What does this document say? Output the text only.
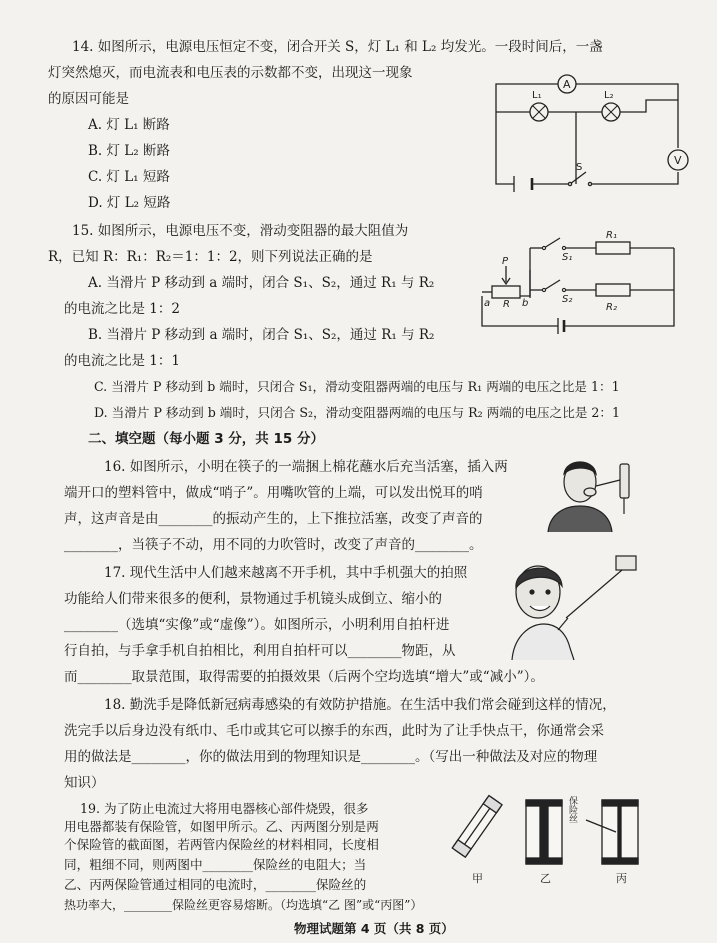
14. 如图所示，电源电压恒定不变，闭合开关 S，灯 L₁ 和 L₂ 均发光。一段时间后，一盏
灯突然熄灭，而电流表和电压表的示数都不变，出现这一现象
的原因可能是
A. 灯 L₁ 断路
B. 灯 L₂ 断路
C. 灯 L₁ 短路
D. 灯 L₂ 短路
A
V
L₁	L₂
S
15. 如图所示，电源电压不变，滑动变阻器的最大阻值为
R，已知 R：R₁：R₂＝1：1：2，则下列说法正确的是
A. 当滑片 P 移动到 a 端时，闭合 S₁、S₂，通过 R₁ 与 R₂
的电流之比是 1：2
B. 当滑片 P 移动到 a 端时，闭合 S₁、S₂，通过 R₁ 与 R₂
的电流之比是 1：1
C. 当滑片 P 移动到 b 端时，只闭合 S₁，滑动变阻器两端的电压与 R₁ 两端的电压之比是 1：1
D. 当滑片 P 移动到 b 端时，只闭合 S₂，滑动变阻器两端的电压与 R₂ 两端的电压之比是 2：1
P
a R b
S₁
S₂
R₁
R₂
二、填空题（每小题 3 分，共 15 分）
16. 如图所示，小明在筷子的一端捆上棉花蘸水后充当活塞，插入两
端开口的塑料管中，做成“哨子”。用嘴吹管的上端，可以发出悦耳的哨
声，这声音是由________的振动产生的，上下推拉活塞，改变了声音的
________，当筷子不动，用不同的力吹管时，改变了声音的________。
17. 现代生活中人们越来越离不开手机，其中手机强大的拍照
功能给人们带来很多的便利，景物通过手机镜头成倒立、缩小的
________（选填“实像”或“虚像”）。如图所示，小明利用自拍杆进
行自拍，与手拿手机自拍相比，利用自拍杆可以________物距，从
而________取景范围，取得需要的拍摄效果（后两个空均选填“增大”或“减小”）。
18. 勤洗手是降低新冠病毒感染的有效防护措施。在生活中我们常会碰到这样的情况，
洗完手以后身边没有纸巾、毛巾或其它可以擦手的东西，此时为了让手快点干，你通常会采
用的做法是________，你的做法用到的物理知识是________。（写出一种做法及对应的物理
知识）
19. 为了防止电流过大将用电器核心部件烧毁，很多
用电器都装有保险管，如图甲所示。乙、丙两图分别是两
个保险管的截面图，若两管内保险丝的材料相同，长度相
同，粗细不同，则两图中________保险丝的电阻大；当
乙、丙两保险管通过相同的电流时，________保险丝的
保险丝
甲	乙	丙
热功率大，________保险丝更容易熔断。（均选填“乙 图”或“丙图”）
物理试题第 4 页（共 8 页）
